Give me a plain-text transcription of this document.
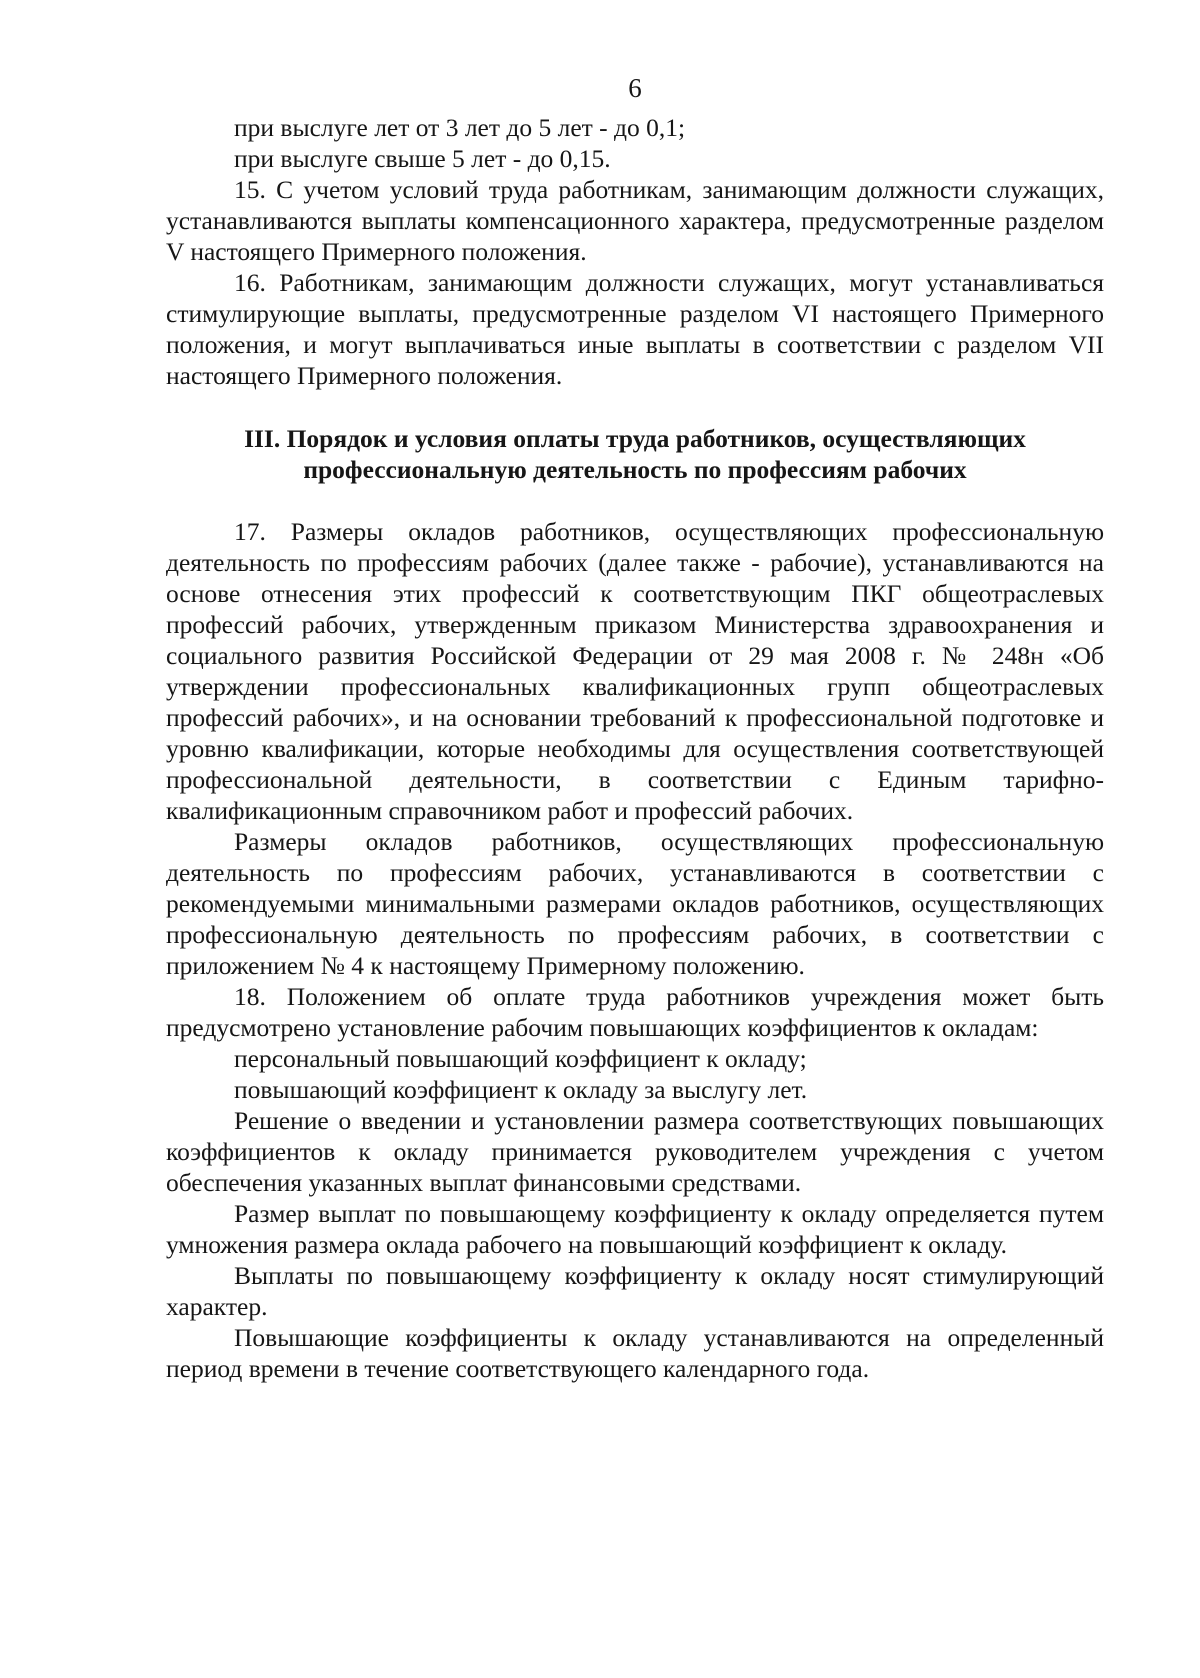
6

при выслуге лет от 3 лет до 5 лет - до 0,1;

при выслуге свыше 5 лет - до 0,15.

15. С учетом условий труда работникам, занимающим должности служащих, устанавливаются выплаты компенсационного характера, предусмотренные разделом V настоящего Примерного положения.

16. Работникам, занимающим должности служащих, могут устанавливаться стимулирующие выплаты, предусмотренные разделом VI настоящего Примерного положения, и могут выплачиваться иные выплаты в соответствии с разделом VII настоящего Примерного положения.

III. Порядок и условия оплаты труда работников, осуществляющих
профессиональную деятельность по профессиям рабочих

17. Размеры окладов работников, осуществляющих профессиональную деятельность по профессиям рабочих (далее также - рабочие), устанавливаются на основе отнесения этих профессий к соответствующим ПКГ общеотраслевых профессий рабочих, утвержденным приказом Министерства здравоохранения и социального развития Российской Федерации от 29 мая 2008 г. № 248н «Об утверждении профессиональных квалификационных групп общеотраслевых профессий рабочих», и на основании требований к профессиональной подготовке и уровню квалификации, которые необходимы для осуществления соответствующей профессиональной деятельности, в соответствии с Единым тарифно-квалификационным справочником работ и профессий рабочих.

Размеры окладов работников, осуществляющих профессиональную деятельность по профессиям рабочих, устанавливаются в соответствии с рекомендуемыми минимальными размерами окладов работников, осуществляющих профессиональную деятельность по профессиям рабочих, в соответствии с приложением № 4 к настоящему Примерному положению.

18. Положением об оплате труда работников учреждения может быть предусмотрено установление рабочим повышающих коэффициентов к окладам:

персональный повышающий коэффициент к окладу;

повышающий коэффициент к окладу за выслугу лет.

Решение о введении и установлении размера соответствующих повышающих коэффициентов к окладу принимается руководителем учреждения с учетом обеспечения указанных выплат финансовыми средствами.

Размер выплат по повышающему коэффициенту к окладу определяется путем умножения размера оклада рабочего на повышающий коэффициент к окладу.

Выплаты по повышающему коэффициенту к окладу носят стимулирующий характер.

Повышающие коэффициенты к окладу устанавливаются на определенный период времени в течение соответствующего календарного года.
